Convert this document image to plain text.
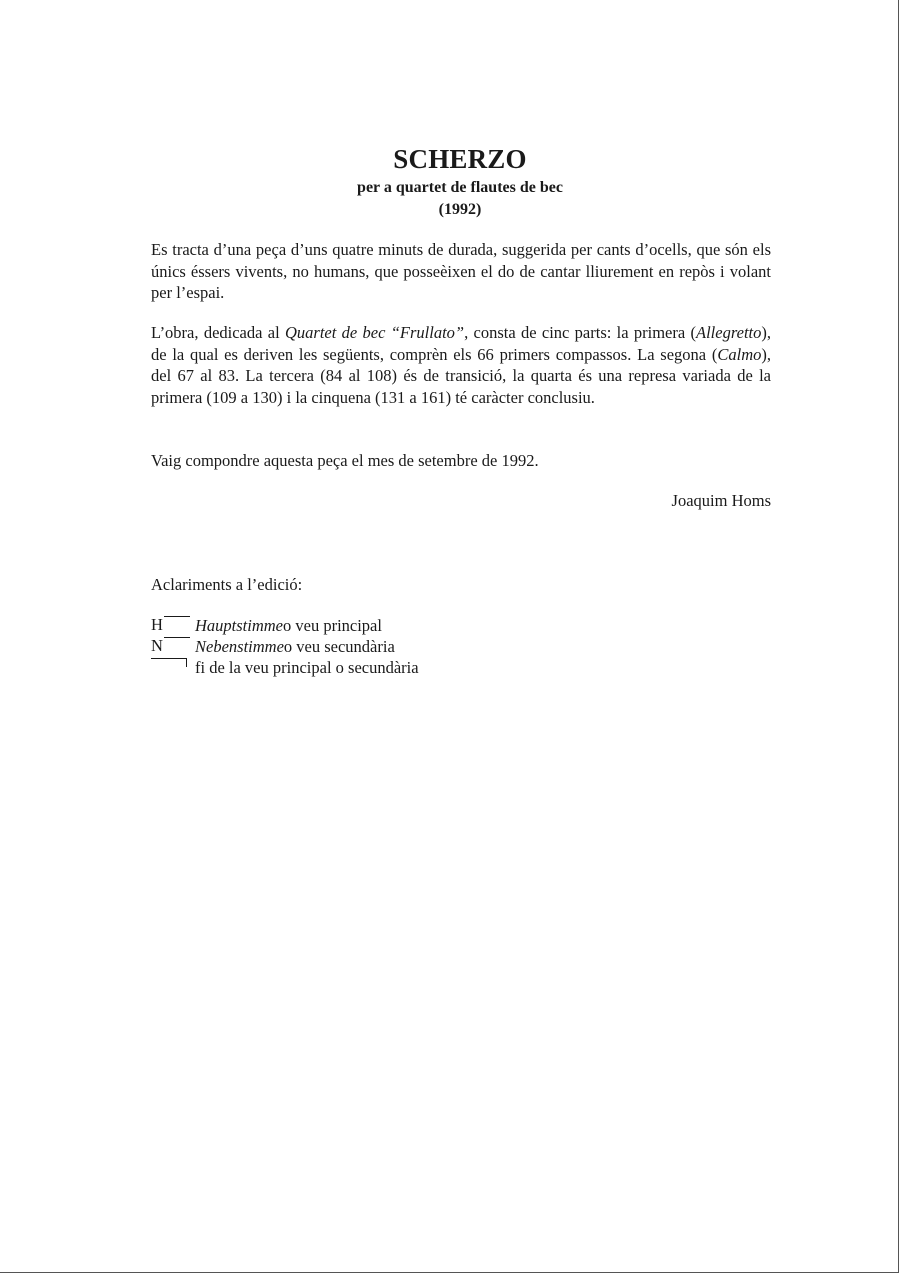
SCHERZO
per a quartet de flautes de bec
(1992)
Es tracta d’una peça d’uns quatre minuts de durada, suggerida per cants d’ocells, que són els únics éssers vivents, no humans, que posseèixen el do de cantar lliurement en repòs i volant per l’espai.
L’obra, dedicada al Quartet de bec “Frullato”, consta de cinc parts: la primera (Allegretto), de la qual es deriven les següents, comprèn els 66 primers compassos. La segona (Calmo), del 67 al 83. La tercera (84 al 108) és de transició, la quarta és una represa variada de la primera (109 a 130) i la cinquena (131 a 161) té caràcter conclusiu.
Vaig compondre aquesta peça el mes de setembre de 1992.
Joaquim Homs
Aclariments a l’edició:
H Hauptstimme o veu principal
N Nebenstimme o veu secundària
fi de la veu principal o secundària
